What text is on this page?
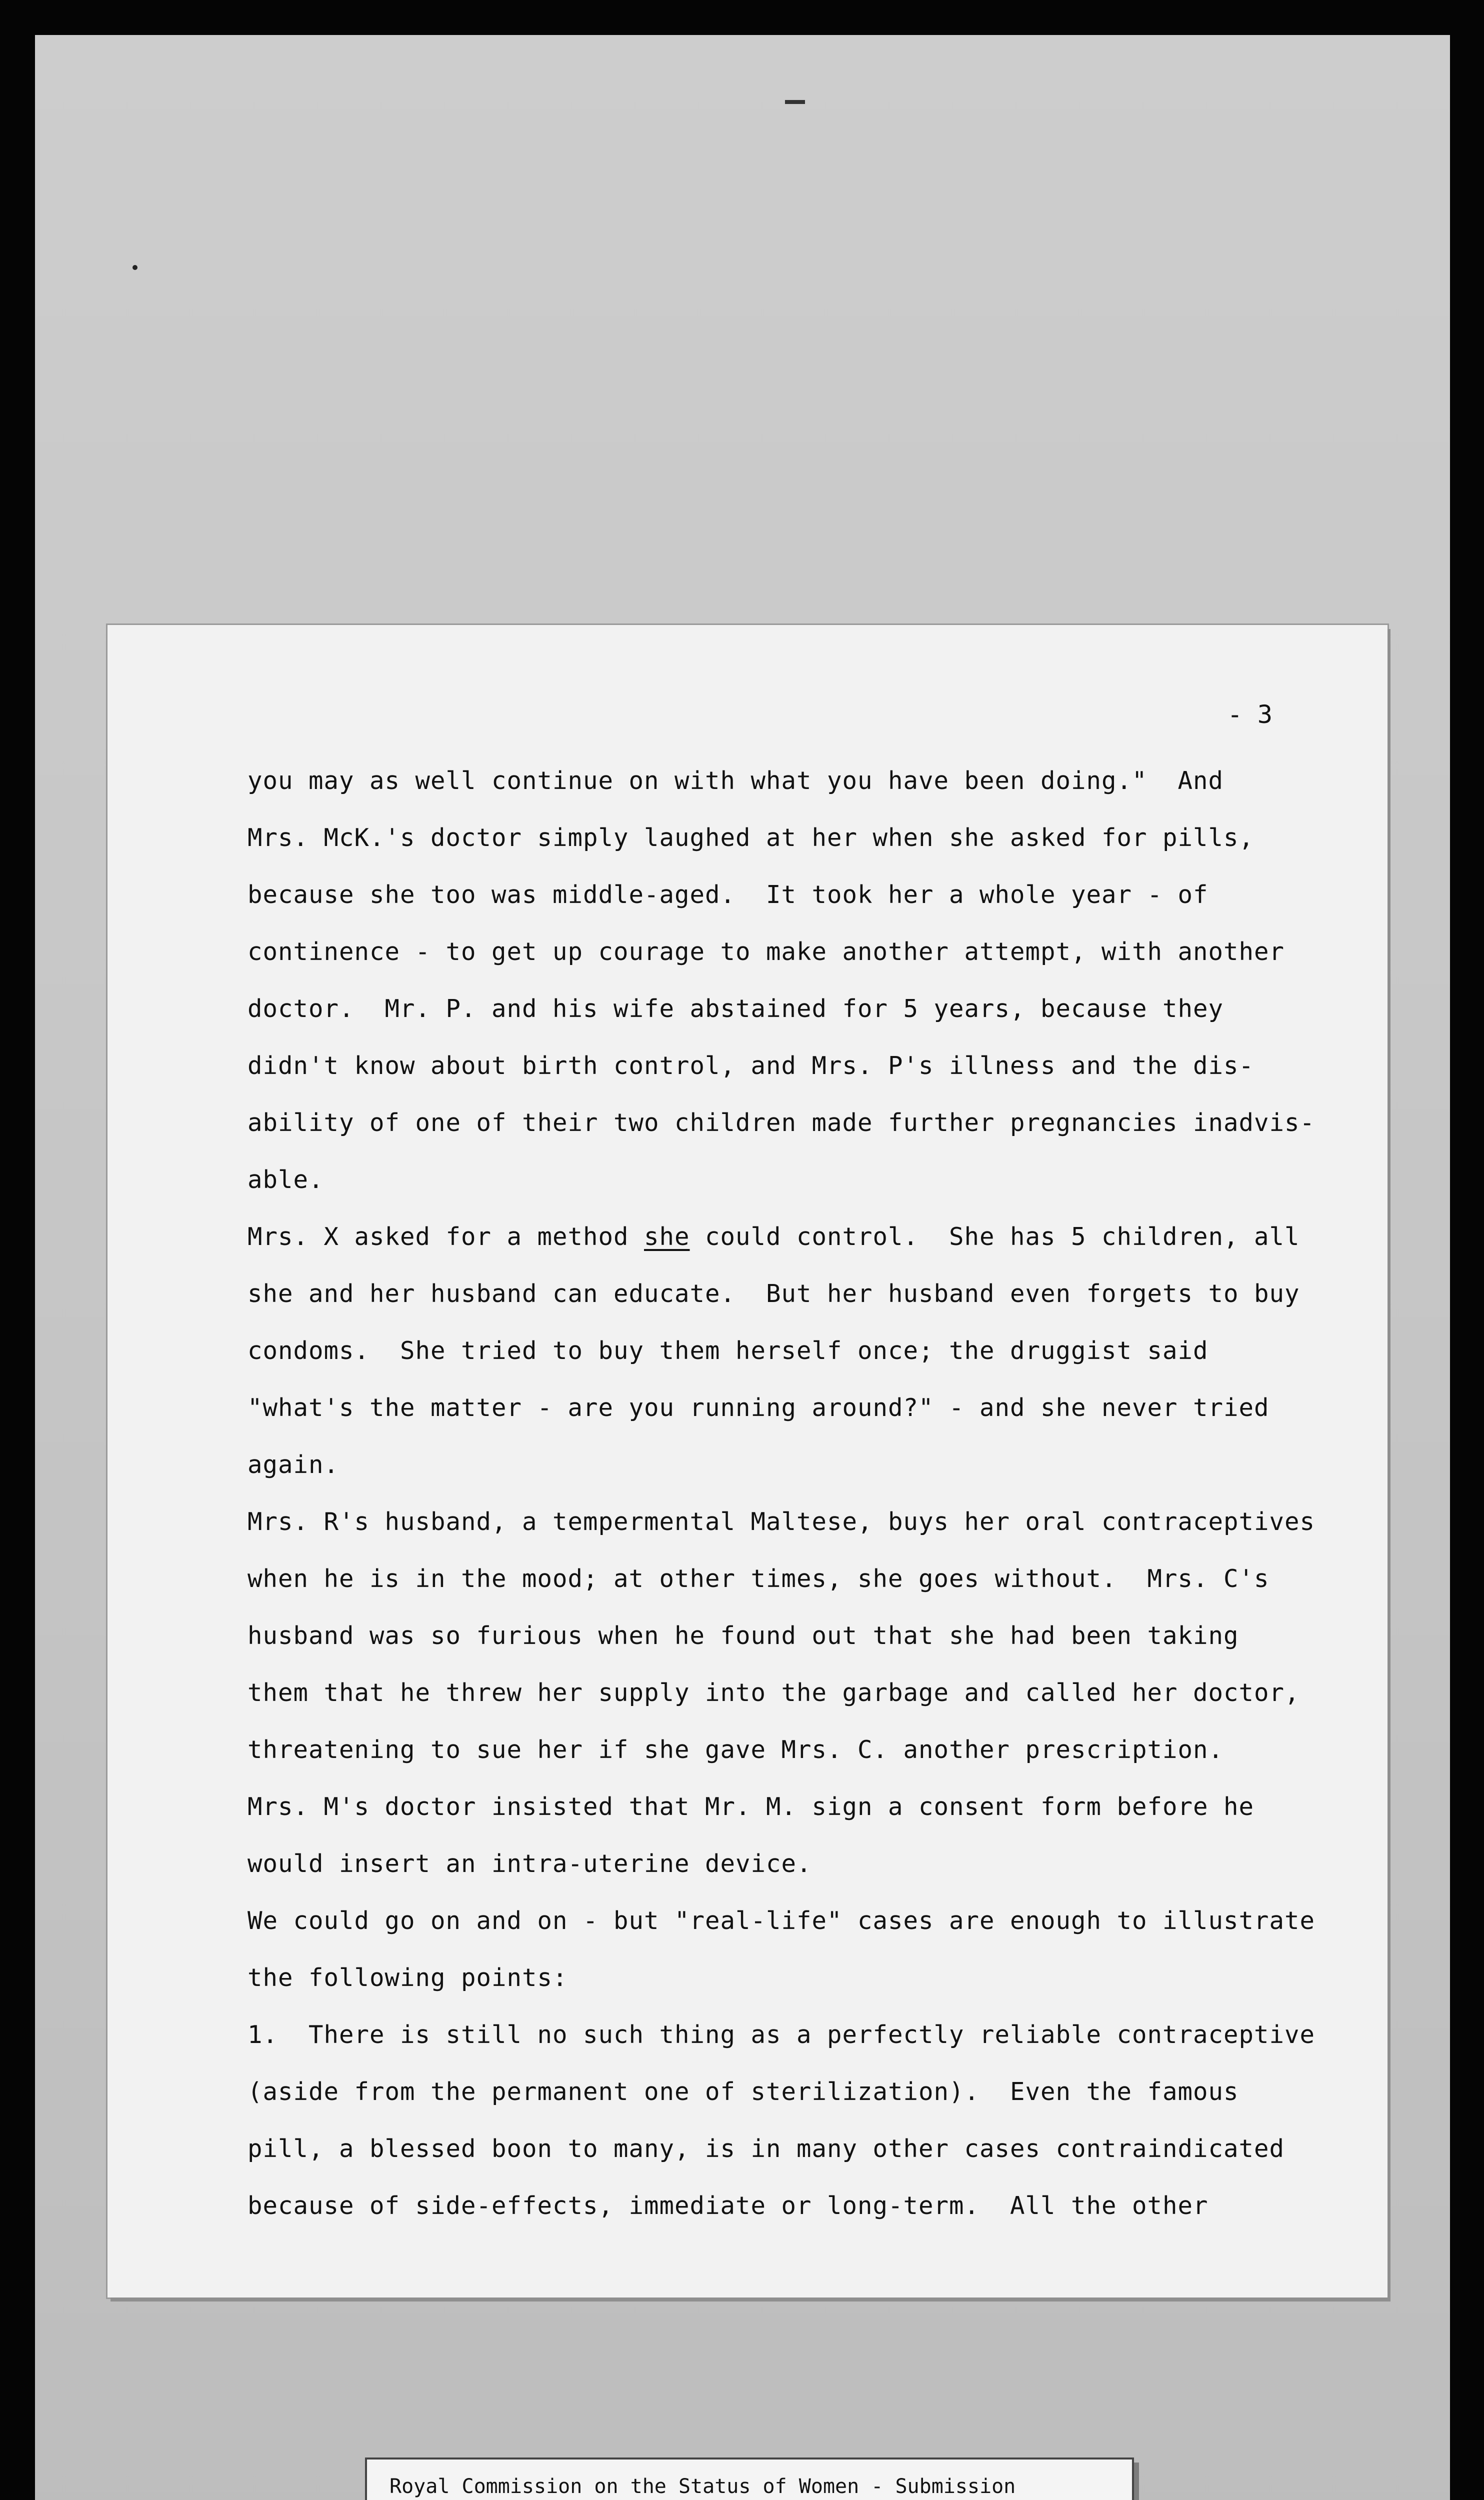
- 3
you may as well continue on with what you have been doing."  And
Mrs. McK.'s doctor simply laughed at her when she asked for pills,
because she too was middle-aged.  It took her a whole year - of
continence - to get up courage to make another attempt, with another
doctor.  Mr. P. and his wife abstained for 5 years, because they
didn't know about birth control, and Mrs. P's illness and the dis-
ability of one of their two children made further pregnancies inadvis-
able.
Mrs. X asked for a method she could control.  She has 5 children, all
she and her husband can educate.  But her husband even forgets to buy
condoms.  She tried to buy them herself once; the druggist said
"what's the matter - are you running around?" - and she never tried
again.
Mrs. R's husband, a tempermental Maltese, buys her oral contraceptives
when he is in the mood; at other times, she goes without.  Mrs. C's
husband was so furious when he found out that she had been taking
them that he threw her supply into the garbage and called her doctor,
threatening to sue her if she gave Mrs. C. another prescription.
Mrs. M's doctor insisted that Mr. M. sign a consent form before he
would insert an intra-uterine device.
We could go on and on - but "real-life" cases are enough to illustrate
the following points:
1.  There is still no such thing as a perfectly reliable contraceptive
(aside from the permanent one of sterilization).  Even the famous
pill, a blessed boon to many, is in many other cases contraindicated
because of side-effects, immediate or long-term.  All the other
Royal Commission on the Status of Women - Submission
